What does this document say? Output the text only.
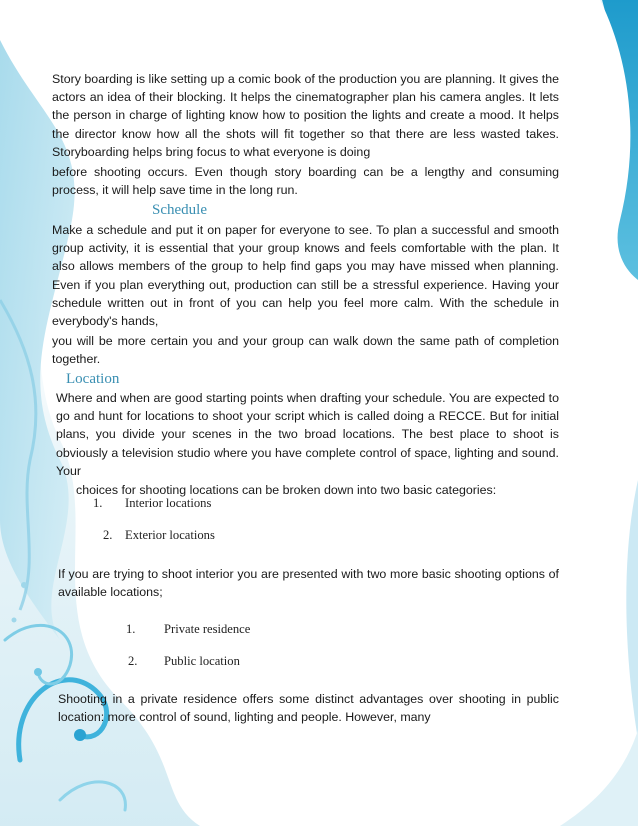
Story boarding is like setting up a comic book of the production you are planning. It gives the actors an idea of their blocking. It helps the cinematographer plan his camera angles. It lets the person in charge of lighting know how to position the lights and create a mood. It helps the director know how all the shots will fit together so that there are less wasted takes. Storyboarding helps bring focus to what everyone is doing

before shooting occurs. Even though story boarding can be a lengthy and consuming process, it will help save time in the long run.

Schedule

Make a schedule and put it on paper for everyone to see. To plan a successful and smooth group activity, it is essential that your group knows and feels comfortable with the plan. It also allows members of the group to help find gaps you may have missed when planning. Even if you plan everything out, production can still be a stressful experience. Having your schedule written out in front of you can help you feel more calm. With the schedule in everybody's hands,

you will be more certain you and your group can walk down the same path of completion together.

Location

Where and when are good starting points when drafting your schedule. You are expected to go and hunt for locations to shoot your script which is called doing a RECCE. But for initial plans, you divide your scenes in the two broad locations. The best place to shoot is obviously a television studio where you have complete control of space, lighting and sound. Your

choices for shooting locations can be broken down into two basic categories:

1. Interior locations
2. Exterior locations

If you are trying to shoot interior you are presented with two more basic shooting options of available locations;

1. Private residence
2. Public location

Shooting in a private residence offers some distinct advantages over shooting in public location: more control of sound, lighting and people. However, many
